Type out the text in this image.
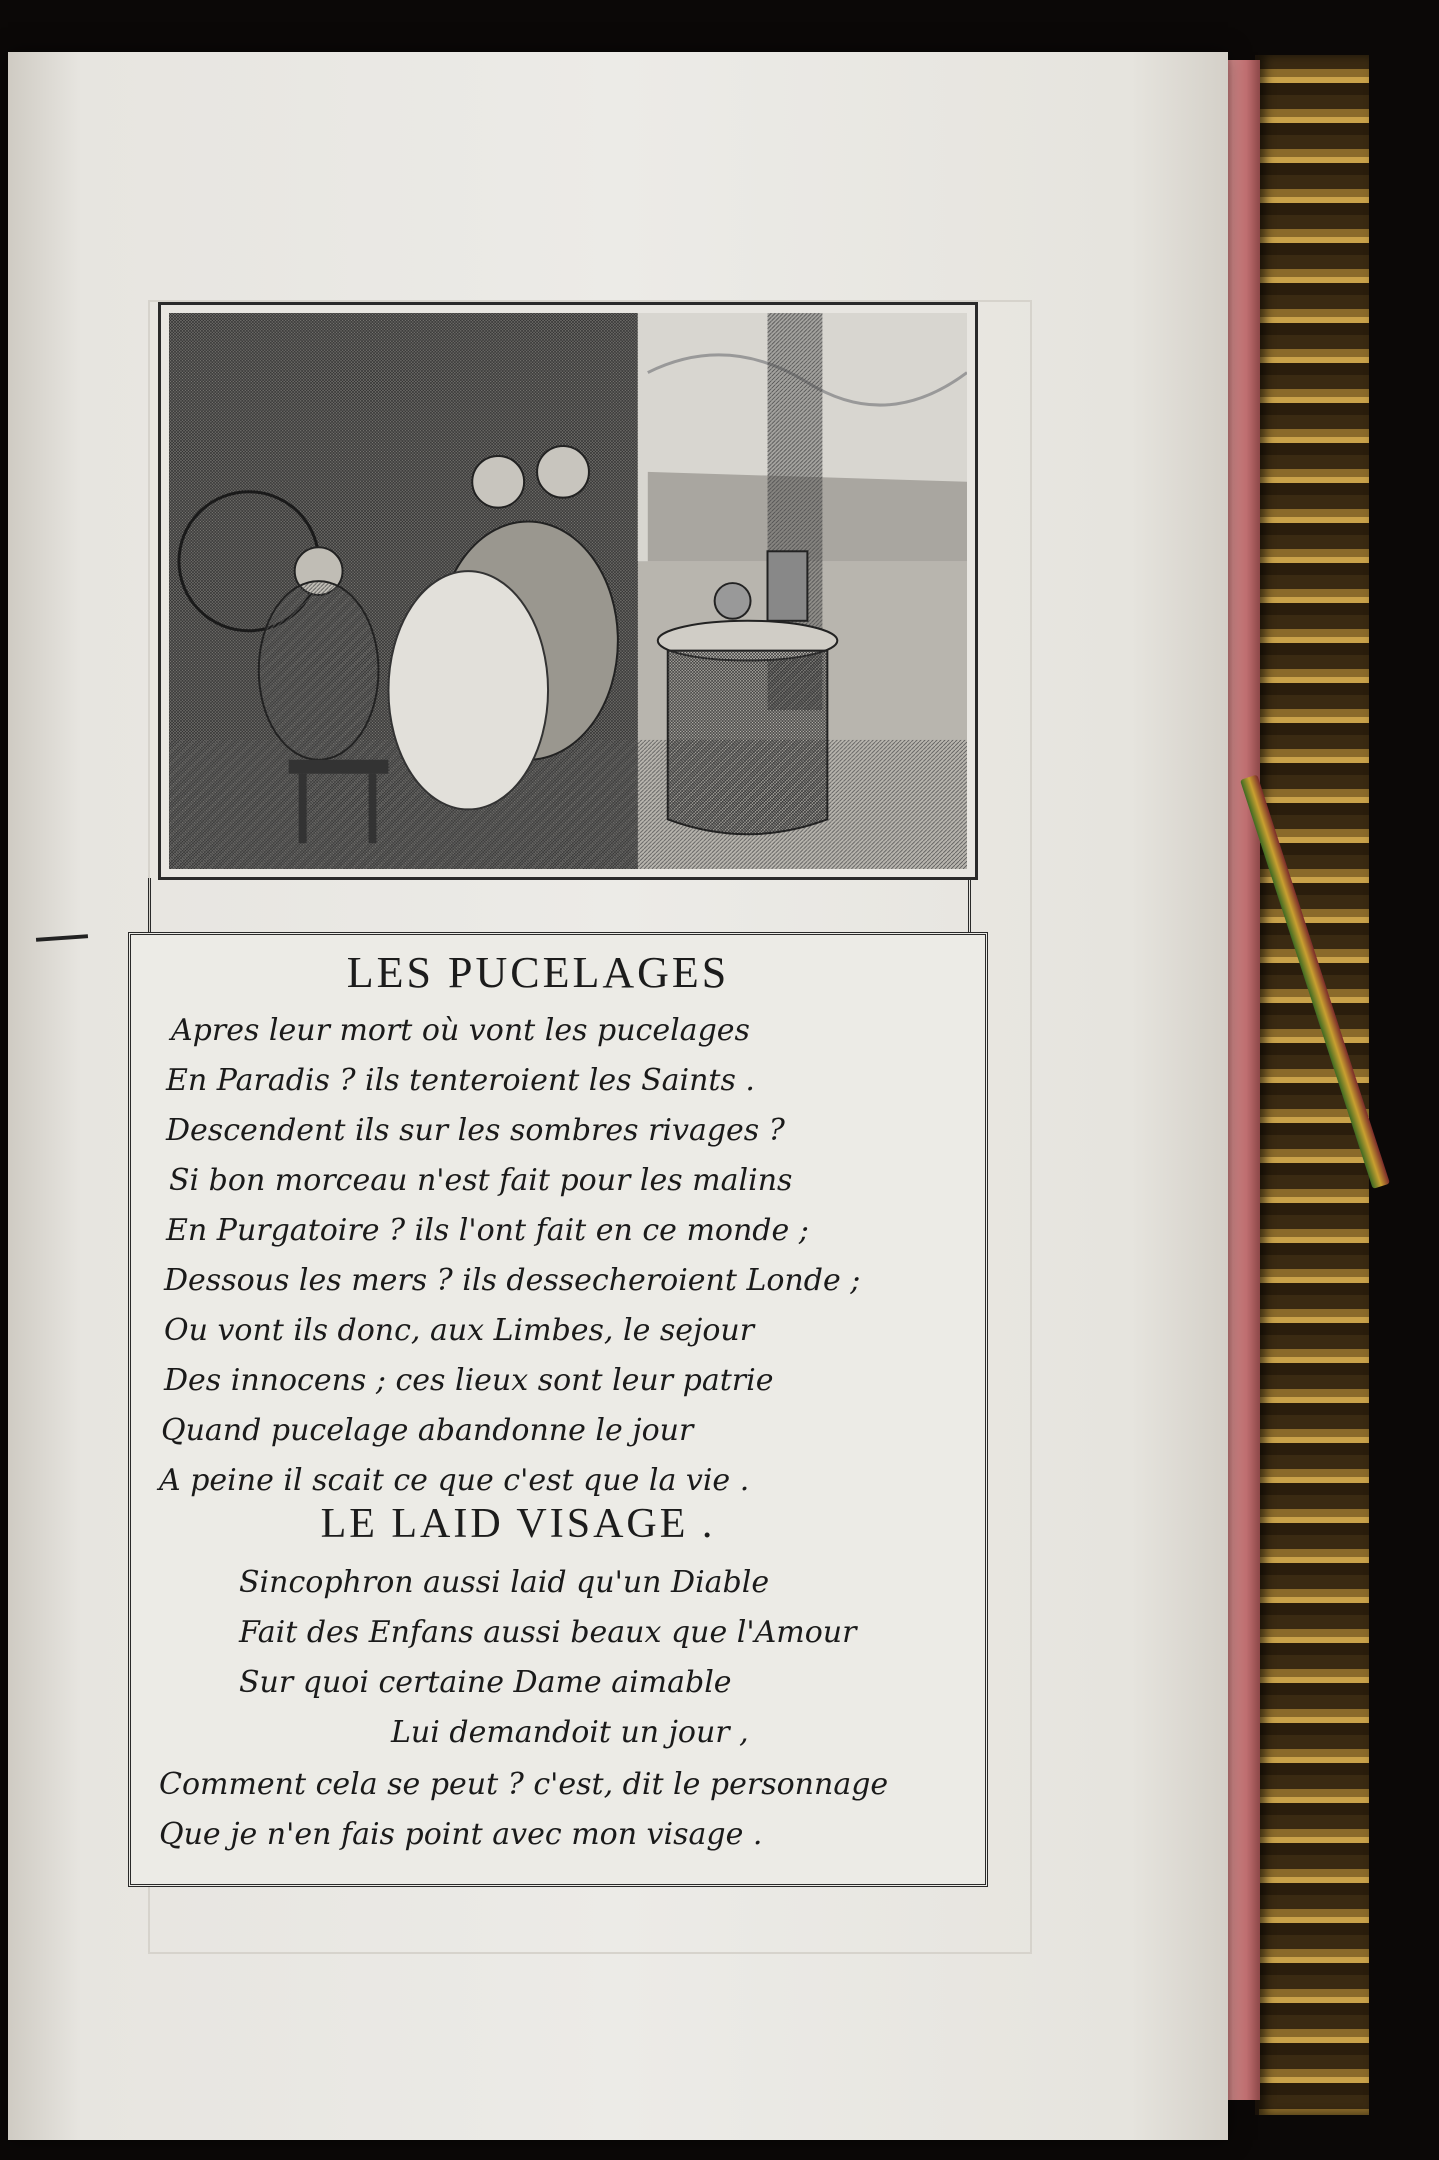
LES PUCELAGES
Apres leur mort où vont les pucelages
En Paradis ? ils tenteroient les Saints .
Descendent ils sur les sombres rivages ?
Si bon morceau n'est fait pour les malins
En Purgatoire ? ils l'ont fait en ce monde ;
Dessous les mers ? ils dessecheroient Londe ;
Ou vont ils donc, aux Limbes, le sejour
Des innocens ; ces lieux sont leur patrie
Quand pucelage abandonne le jour
A peine il scait ce que c'est que la vie .
LE LAID VISAGE .
Sincophron aussi laid qu'un Diable
Fait des Enfans aussi beaux que l'Amour
Sur quoi certaine Dame aimable
Lui demandoit un jour ,
Comment cela se peut ? c'est, dit le personnage
Que je n'en fais point avec mon visage .
